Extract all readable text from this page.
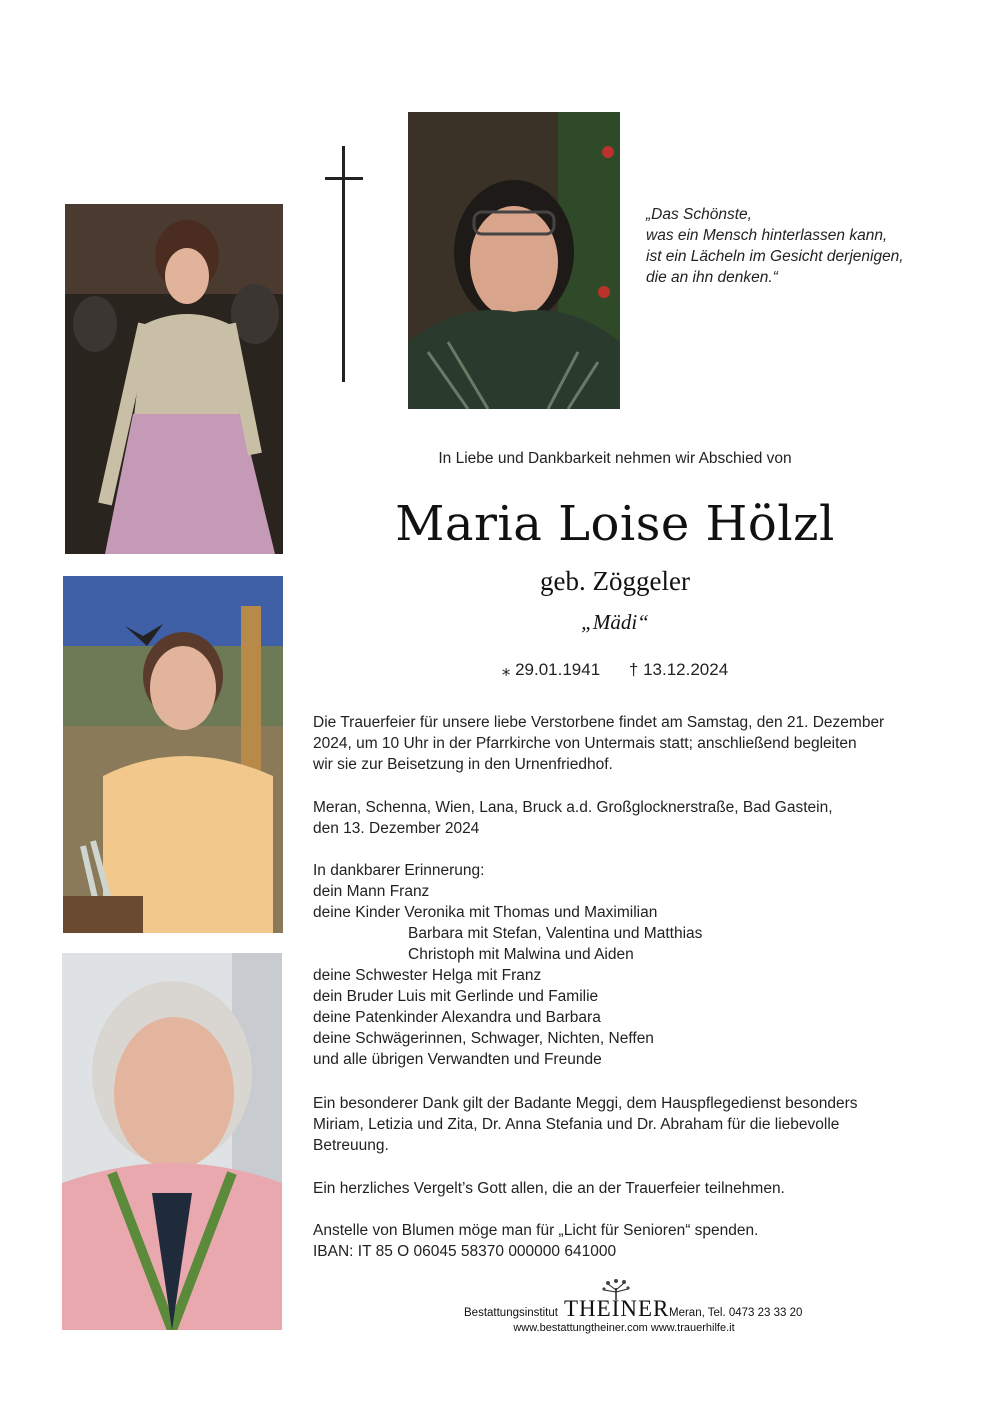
„Das Schönste,
was ein Mensch hinterlassen kann,
ist ein Lächeln im Gesicht derjenigen,
die an ihn denken.“
In Liebe und Dankbarkeit nehmen wir Abschied von
Maria Loise Hölzl
geb. Zöggeler
„Mädi“
⁎ 29.01.1941 † 13.12.2024
Die Trauerfeier für unsere liebe Verstorbene findet am Samstag, den 21. Dezember
2024, um 10 Uhr in der Pfarrkirche von Untermais statt; anschließend begleiten
wir sie zur Beisetzung in den Urnenfriedhof.
Meran, Schenna, Wien, Lana, Bruck a.d. Großglocknerstraße, Bad Gastein,
den 13. Dezember 2024
In dankbarer Erinnerung:
dein Mann Franz
deine Kinder Veronika mit Thomas und Maximilian
Barbara mit Stefan, Valentina und Matthias
Christoph mit Malwina und Aiden
deine Schwester Helga mit Franz
dein Bruder Luis mit Gerlinde und Familie
deine Patenkinder Alexandra und Barbara
deine Schwägerinnen, Schwager, Nichten, Neffen
und alle übrigen Verwandten und Freunde
Ein besonderer Dank gilt der Badante Meggi, dem Hauspflegedienst besonders
Miriam, Letizia und Zita, Dr. Anna Stefania und Dr. Abraham für die liebevolle
Betreuung.
Ein herzliches Vergelt’s Gott allen, die an der Trauerfeier teilnehmen.
Anstelle von Blumen möge man für „Licht für Senioren“ spenden.
IBAN: IT 85 O 06045 58370 000000 641000
Bestattungsinstitut THEINER Meran, Tel. 0473 23 33 20
www.bestattungtheiner.com www.trauerhilfe.it
